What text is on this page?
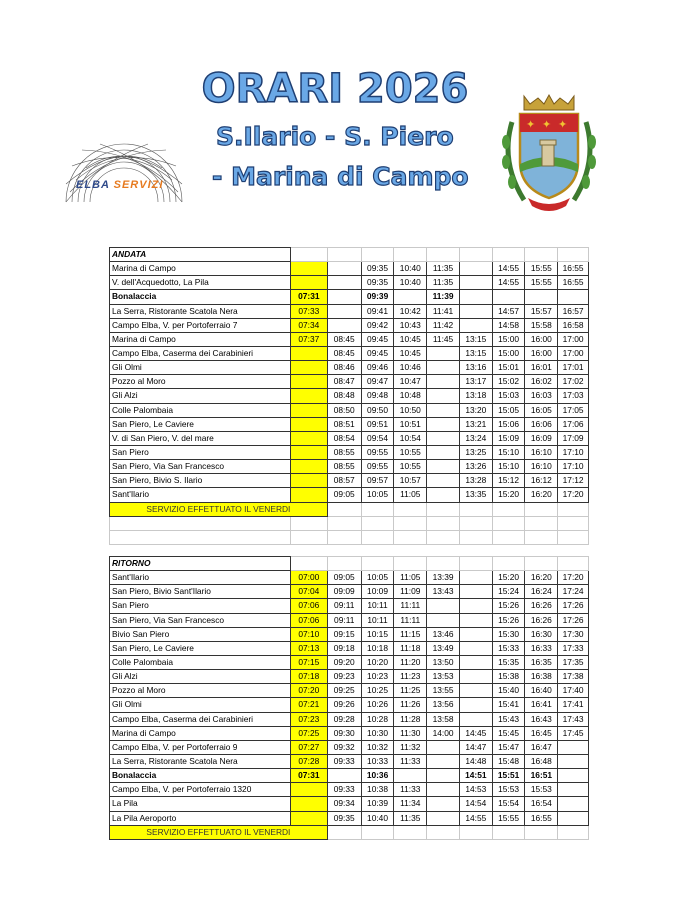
ELBA SERVIZI
ORARI 2026
S.Ilario - S. Piero
- Marina di Campo
✦ ✦ ✦
ANDATA									
Marina di Campo			09:35	10:40	11:35		14:55	15:55	16:55
V. dell'Acquedotto, La Pila			09:35	10:40	11:35		14:55	15:55	16:55
Bonalaccia	07:31		09:39		11:39				
La Serra, Ristorante Scatola Nera	07:33		09:41	10:42	11:41		14:57	15:57	16:57
Campo Elba, V. per Portoferraio 7	07:34		09:42	10:43	11:42		14:58	15:58	16:58
Marina di Campo	07:37	08:45	09:45	10:45	11:45	13:15	15:00	16:00	17:00
Campo Elba, Caserma dei Carabinieri		08:45	09:45	10:45		13:15	15:00	16:00	17:00
Gli Olmi		08:46	09:46	10:46		13:16	15:01	16:01	17:01
Pozzo al Moro		08:47	09:47	10:47		13:17	15:02	16:02	17:02
Gli Alzi		08:48	09:48	10:48		13:18	15:03	16:03	17:03
Colle Palombaia		08:50	09:50	10:50		13:20	15:05	16:05	17:05
San Piero, Le Caviere		08:51	09:51	10:51		13:21	15:06	16:06	17:06
V. di San Piero, V. del mare		08:54	09:54	10:54		13:24	15:09	16:09	17:09
San Piero		08:55	09:55	10:55		13:25	15:10	16:10	17:10
San Piero, Via San Francesco		08:55	09:55	10:55		13:26	15:10	16:10	17:10
San Piero, Bivio S. Ilario		08:57	09:57	10:57		13:28	15:12	16:12	17:12
Sant'Ilario		09:05	10:05	11:05		13:35	15:20	16:20	17:20
SERVIZIO EFFETTUATO IL VENERDI									

RITORNO									
Sant'Ilario	07:00	09:05	10:05	11:05	13:39		15:20	16:20	17:20
San Piero, Bivio Sant'Ilario	07:04	09:09	10:09	11:09	13:43		15:24	16:24	17:24
San Piero	07:06	09:11	10:11	11:11			15:26	16:26	17:26
San Piero, Via San Francesco	07:06	09:11	10:11	11:11			15:26	16:26	17:26
Bivio San Piero	07:10	09:15	10:15	11:15	13:46		15:30	16:30	17:30
San Piero, Le Caviere	07:13	09:18	10:18	11:18	13:49		15:33	16:33	17:33
Colle Palombaia	07:15	09:20	10:20	11:20	13:50		15:35	16:35	17:35
Gli Alzi	07:18	09:23	10:23	11:23	13:53		15:38	16:38	17:38
Pozzo al Moro	07:20	09:25	10:25	11:25	13:55		15:40	16:40	17:40
Gli Olmi	07:21	09:26	10:26	11:26	13:56		15:41	16:41	17:41
Campo Elba, Caserma dei Carabinieri	07:23	09:28	10:28	11:28	13:58		15:43	16:43	17:43
Marina di Campo	07:25	09:30	10:30	11:30	14:00	14:45	15:45	16:45	17:45
Campo Elba, V. per Portoferraio 9	07:27	09:32	10:32	11:32		14:47	15:47	16:47	
La Serra, Ristorante Scatola Nera	07:28	09:33	10:33	11:33		14:48	15:48	16:48	
Bonalaccia	07:31		10:36			14:51	15:51	16:51	
Campo Elba, V. per Portoferraio 1320		09:33	10:38	11:33		14:53	15:53	15:53	
La Pila		09:34	10:39	11:34		14:54	15:54	16:54	
La Pila Aeroporto		09:35	10:40	11:35		14:55	15:55	16:55	
SERVIZIO EFFETTUATO IL VENERDI									
